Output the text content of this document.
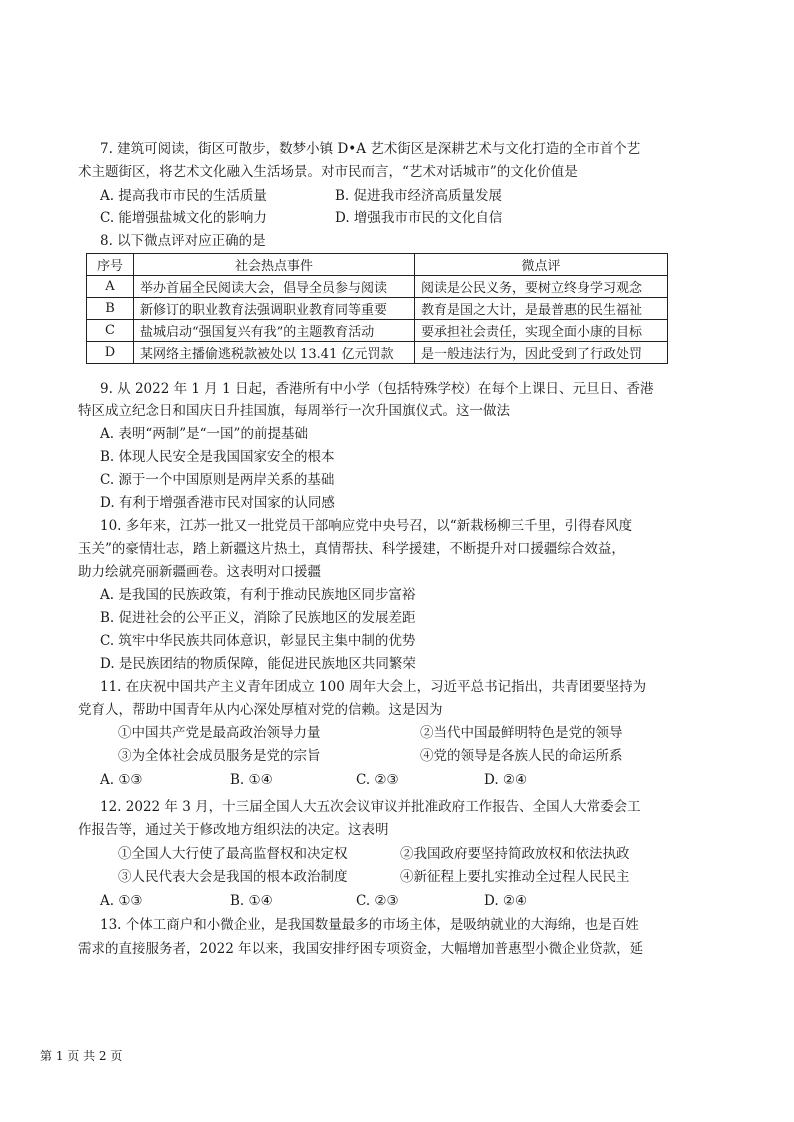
7. 建筑可阅读，街区可散步，数梦小镇 D•A 艺术街区是深耕艺术与文化打造的全市首个艺
术主题街区，将艺术文化融入生活场景。对市民而言，“艺术对话城市”的文化价值是
A. 提高我市市民的生活质量	B. 促进我市经济高质量发展
C. 能增强盐城文化的影响力	D. 增强我市市民的文化自信
8. 以下微点评对应正确的是
序号	社会热点事件	微点评
A	举办首届全民阅读大会，倡导全员参与阅读	阅读是公民义务，要树立终身学习观念
B	新修订的职业教育法强调职业教育同等重要	教育是国之大计，是最普惠的民生福祉
C	盐城启动“强国复兴有我”的主题教育活动	要承担社会责任，实现全面小康的目标
D	某网络主播偷逃税款被处以 13.41 亿元罚款	是一般违法行为，因此受到了行政处罚
9. 从 2022 年 1 月 1 日起，香港所有中小学（包括特殊学校）在每个上课日、元旦日、香港
特区成立纪念日和国庆日升挂国旗，每周举行一次升国旗仪式。这一做法
A. 表明“两制”是“一国”的前提基础
B. 体现人民安全是我国国家安全的根本
C. 源于一个中国原则是两岸关系的基础
D. 有利于增强香港市民对国家的认同感
10. 多年来，江苏一批又一批党员干部响应党中央号召，以“新栽杨柳三千里，引得春风度
玉关”的豪情壮志，踏上新疆这片热土，真情帮扶、科学援建，不断提升对口援疆综合效益，
助力绘就亮丽新疆画卷。这表明对口援疆
A. 是我国的民族政策，有利于推动民族地区同步富裕
B. 促进社会的公平正义，消除了民族地区的发展差距
C. 筑牢中华民族共同体意识，彰显民主集中制的优势
D. 是民族团结的物质保障，能促进民族地区共同繁荣
11. 在庆祝中国共产主义青年团成立 100 周年大会上，习近平总书记指出，共青团要坚持为
党育人，帮助中国青年从内心深处厚植对党的信赖。这是因为
①中国共产党是最高政治领导力量	②当代中国最鲜明特色是党的领导
③为全体社会成员服务是党的宗旨	④党的领导是各族人民的命运所系
A. ①③	B. ①④	C. ②③	D. ②④
12. 2022 年 3 月，十三届全国人大五次会议审议并批准政府工作报告、全国人大常委会工
作报告等，通过关于修改地方组织法的决定。这表明
①全国人大行使了最高监督权和决定权	②我国政府要坚持简政放权和依法执政
③人民代表大会是我国的根本政治制度	④新征程上要扎实推动全过程人民民主
A. ①③	B. ①④	C. ②③	D. ②④
13. 个体工商户和小微企业，是我国数量最多的市场主体，是吸纳就业的大海绵，也是百姓
需求的直接服务者，2022 年以来，我国安排纾困专项资金，大幅增加普惠型小微企业贷款，延
第 1 页 共 2 页
